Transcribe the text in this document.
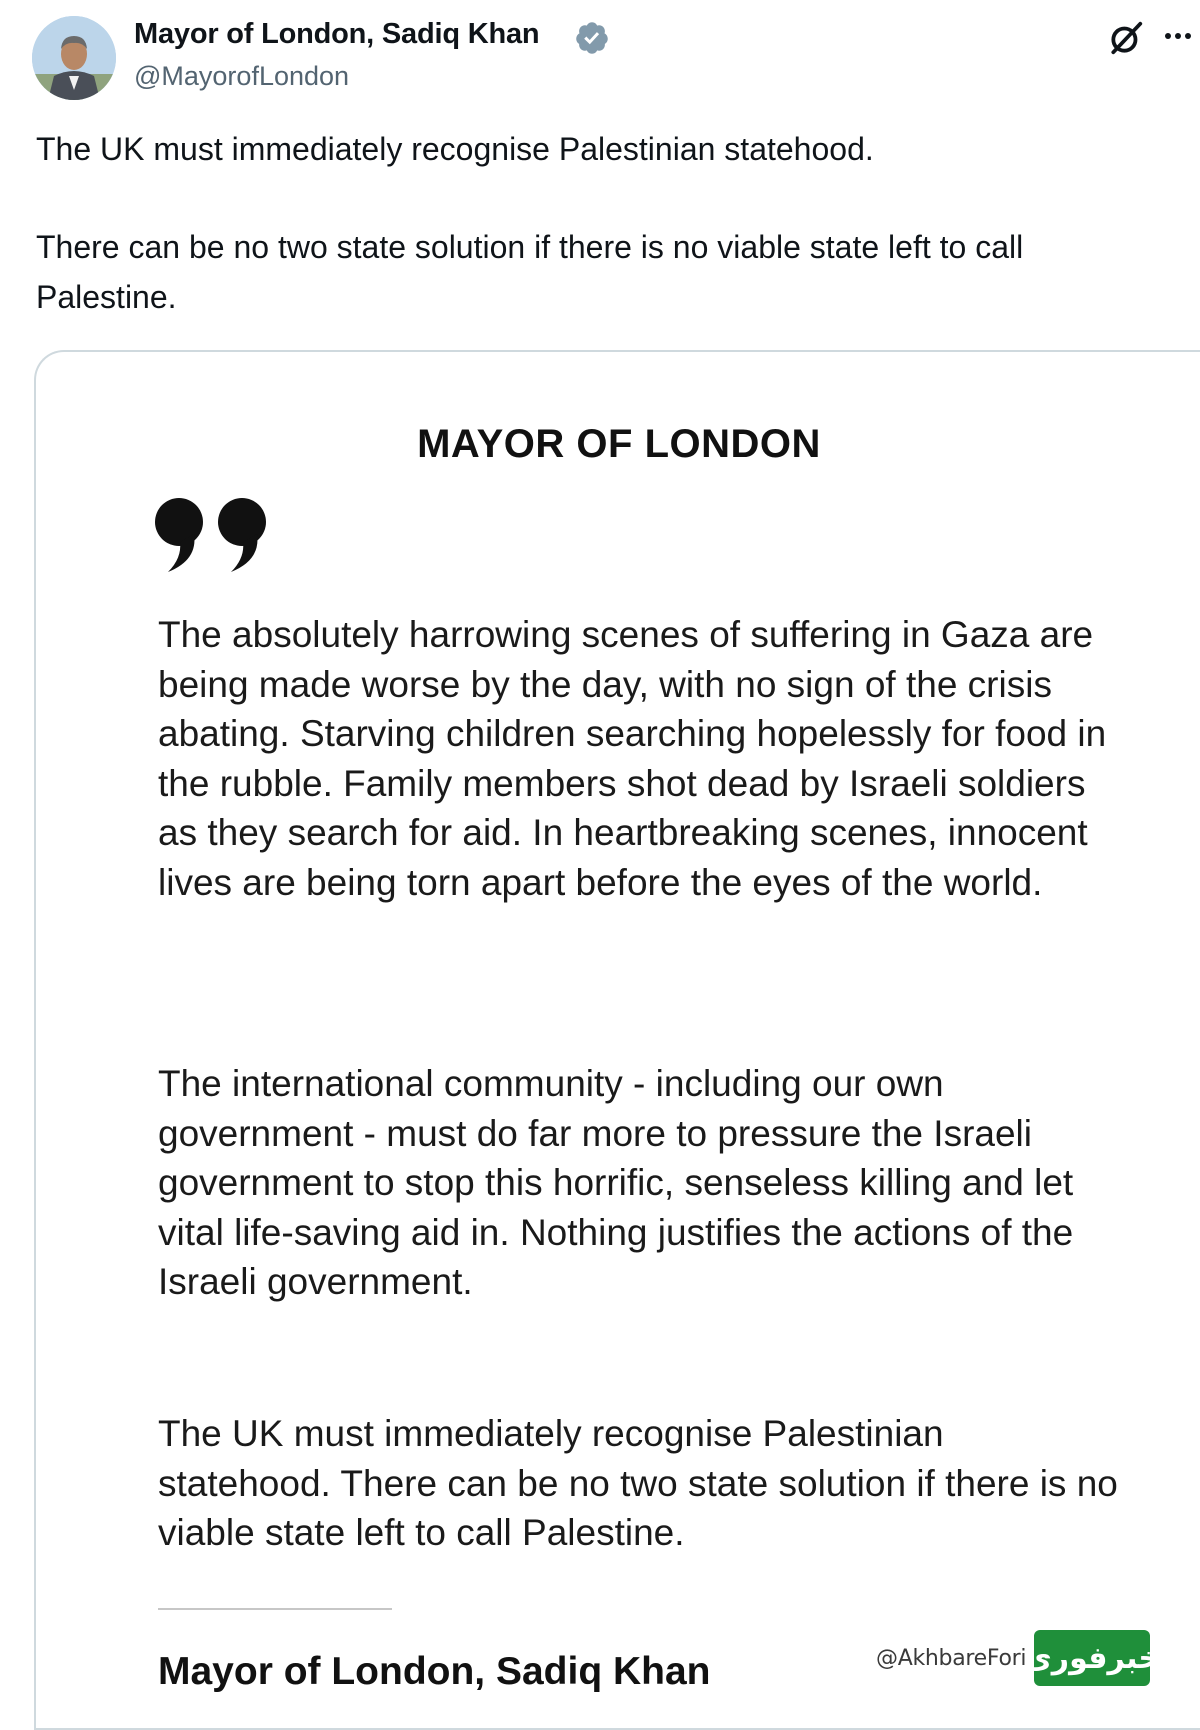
Mayor of London, Sadiq Khan
@MayorofLondon
The UK must immediately recognise Palestinian statehood.
There can be no two state solution if there is no viable state left to call Palestine.
MAYOR OF LONDON
The absolutely harrowing scenes of suffering in Gaza are being made worse by the day, with no sign of the crisis abating. Starving children searching hopelessly for food in the rubble. Family members shot dead by Israeli soldiers as they search for aid. In heartbreaking scenes, innocent lives are being torn apart before the eyes of the world.
The international community - including our own government - must do far more to pressure the Israeli government to stop this horrific, senseless killing and let vital life-saving aid in. Nothing justifies the actions of the Israeli government.
The UK must immediately recognise Palestinian statehood. There can be no two state solution if there is no viable state left to call Palestine.
Mayor of London, Sadiq Khan	@AkhbareFori
خبرفوری
